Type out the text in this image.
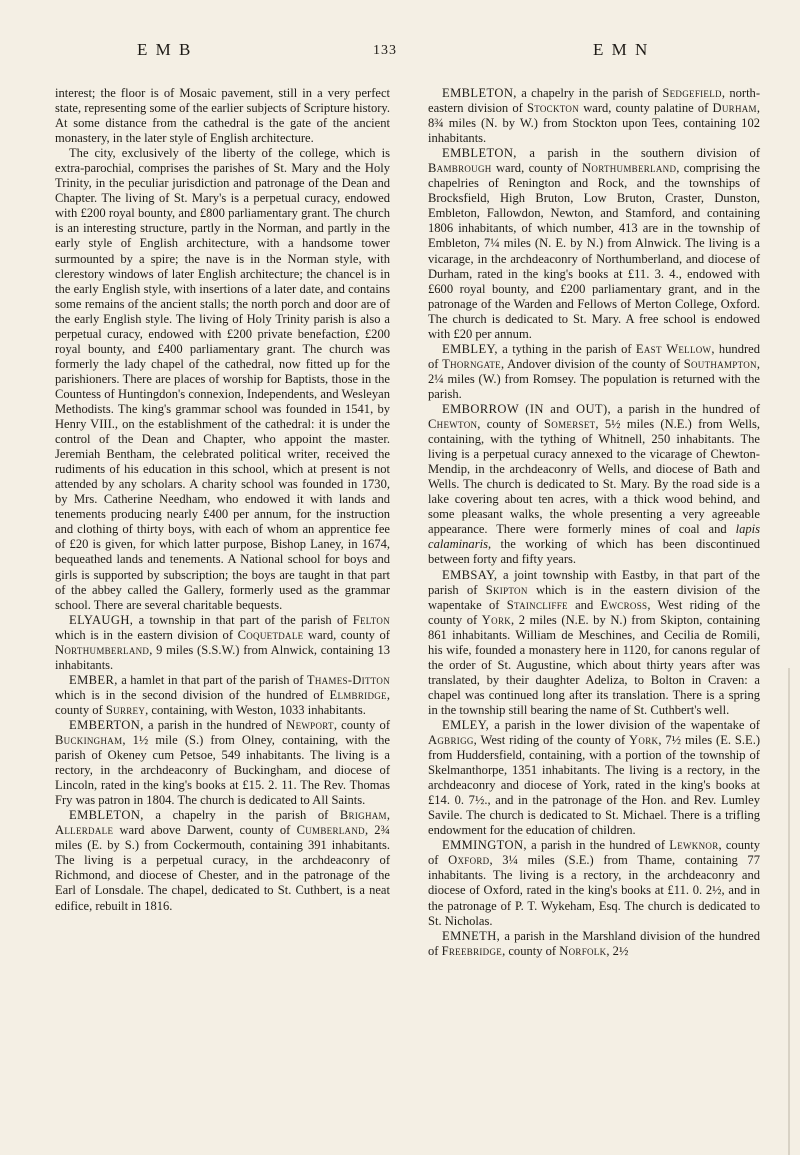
E M B	133	E M N

interest; the floor is of Mosaic pavement, still in a very perfect state, representing some of the earlier subjects of Scripture history. At some distance from the cathedral is the gate of the ancient monastery, in the later style of English architecture.

The city, exclusively of the liberty of the college, which is extra-parochial, comprises the parishes of St. Mary and the Holy Trinity, in the peculiar jurisdiction and patronage of the Dean and Chapter. The living of St. Mary's is a perpetual curacy, endowed with £200 royal bounty, and £800 parliamentary grant. The church is an interesting structure, partly in the Norman, and partly in the early style of English architecture, with a handsome tower surmounted by a spire; the nave is in the Norman style, with clerestory windows of later English architecture; the chancel is in the early English style, with insertions of a later date, and contains some remains of the ancient stalls; the north porch and door are of the early English style. The living of Holy Trinity parish is also a perpetual curacy, endowed with £200 private benefaction, £200 royal bounty, and £400 parliamentary grant. The church was formerly the lady chapel of the cathedral, now fitted up for the parishioners. There are places of worship for Baptists, those in the Countess of Huntingdon's connexion, Independents, and Wesleyan Methodists. The king's grammar school was founded in 1541, by Henry VIII., on the establishment of the cathedral: it is under the control of the Dean and Chapter, who appoint the master. Jeremiah Bentham, the celebrated political writer, received the rudiments of his education in this school, which at present is not attended by any scholars. A charity school was founded in 1730, by Mrs. Catherine Needham, who endowed it with lands and tenements producing nearly £400 per annum, for the instruction and clothing of thirty boys, with each of whom an apprentice fee of £20 is given, for which latter purpose, Bishop Laney, in 1674, bequeathed lands and tenements. A National school for boys and girls is supported by subscription; the boys are taught in that part of the abbey called the Gallery, formerly used as the grammar school. There are several charitable bequests.

ELYAUGH, a township in that part of the parish of Felton which is in the eastern division of Coquetdale ward, county of Northumberland, 9 miles (S.S.W.) from Alnwick, containing 13 inhabitants.

EMBER, a hamlet in that part of the parish of Thames-Ditton which is in the second division of the hundred of Elmbridge, county of Surrey, containing, with Weston, 1033 inhabitants.

EMBERTON, a parish in the hundred of Newport, county of Buckingham, 1½ mile (S.) from Olney, containing, with the parish of Okeney cum Petsoe, 549 inhabitants. The living is a rectory, in the archdeaconry of Buckingham, and diocese of Lincoln, rated in the king's books at £15. 2. 11. The Rev. Thomas Fry was patron in 1804. The church is dedicated to All Saints.

EMBLETON, a chapelry in the parish of Brigham, Allerdale ward above Darwent, county of Cumberland, 2¾ miles (E. by S.) from Cockermouth, containing 391 inhabitants. The living is a perpetual curacy, in the archdeaconry of Richmond, and diocese of Chester, and in the patronage of the Earl of Lonsdale. The chapel, dedicated to St. Cuthbert, is a neat edifice, rebuilt in 1816.

EMBLETON, a chapelry in the parish of Sedgefield, north-eastern division of Stockton ward, county palatine of Durham, 8¾ miles (N. by W.) from Stockton upon Tees, containing 102 inhabitants.

EMBLETON, a parish in the southern division of Bambrough ward, county of Northumberland, comprising the chapelries of Renington and Rock, and the townships of Brocksfield, High Bruton, Low Bruton, Craster, Dunston, Embleton, Fallowdon, Newton, and Stamford, and containing 1806 inhabitants, of which number, 413 are in the township of Embleton, 7¼ miles (N. E. by N.) from Alnwick. The living is a vicarage, in the archdeaconry of Northumberland, and diocese of Durham, rated in the king's books at £11. 3. 4., endowed with £600 royal bounty, and £200 parliamentary grant, and in the patronage of the Warden and Fellows of Merton College, Oxford. The church is dedicated to St. Mary. A free school is endowed with £20 per annum.

EMBLEY, a tything in the parish of East Wellow, hundred of Thorngate, Andover division of the county of Southampton, 2¼ miles (W.) from Romsey. The population is returned with the parish.

EMBORROW (IN and OUT), a parish in the hundred of Chewton, county of Somerset, 5½ miles (N.E.) from Wells, containing, with the tything of Whitnell, 250 inhabitants. The living is a perpetual curacy annexed to the vicarage of Chewton-Mendip, in the archdeaconry of Wells, and diocese of Bath and Wells. The church is dedicated to St. Mary. By the road side is a lake covering about ten acres, with a thick wood behind, and some pleasant walks, the whole presenting a very agreeable appearance. There were formerly mines of coal and lapis calaminaris, the working of which has been discontinued between forty and fifty years.

EMBSAY, a joint township with Eastby, in that part of the parish of Skipton which is in the eastern division of the wapentake of Staincliffe and Ewcross, West riding of the county of York, 2 miles (N.E. by N.) from Skipton, containing 861 inhabitants. William de Meschines, and Cecilia de Romili, his wife, founded a monastery here in 1120, for canons regular of the order of St. Augustine, which about thirty years after was translated, by their daughter Adeliza, to Bolton in Craven: a chapel was continued long after its translation. There is a spring in the township still bearing the name of St. Cuthbert's well.

EMLEY, a parish in the lower division of the wapentake of Agbrigg, West riding of the county of York, 7½ miles (E. S.E.) from Huddersfield, containing, with a portion of the township of Skelmanthorpe, 1351 inhabitants. The living is a rectory, in the archdeaconry and diocese of York, rated in the king's books at £14. 0. 7½., and in the patronage of the Hon. and Rev. Lumley Savile. The church is dedicated to St. Michael. There is a trifling endowment for the education of children.

EMMINGTON, a parish in the hundred of Lewknor, county of Oxford, 3¼ miles (S.E.) from Thame, containing 77 inhabitants. The living is a rectory, in the archdeaconry and diocese of Oxford, rated in the king's books at £11. 0. 2½, and in the patronage of P. T. Wykeham, Esq. The church is dedicated to St. Nicholas.

EMNETH, a parish in the Marshland division of the hundred of Freebridge, county of Norfolk, 2½
